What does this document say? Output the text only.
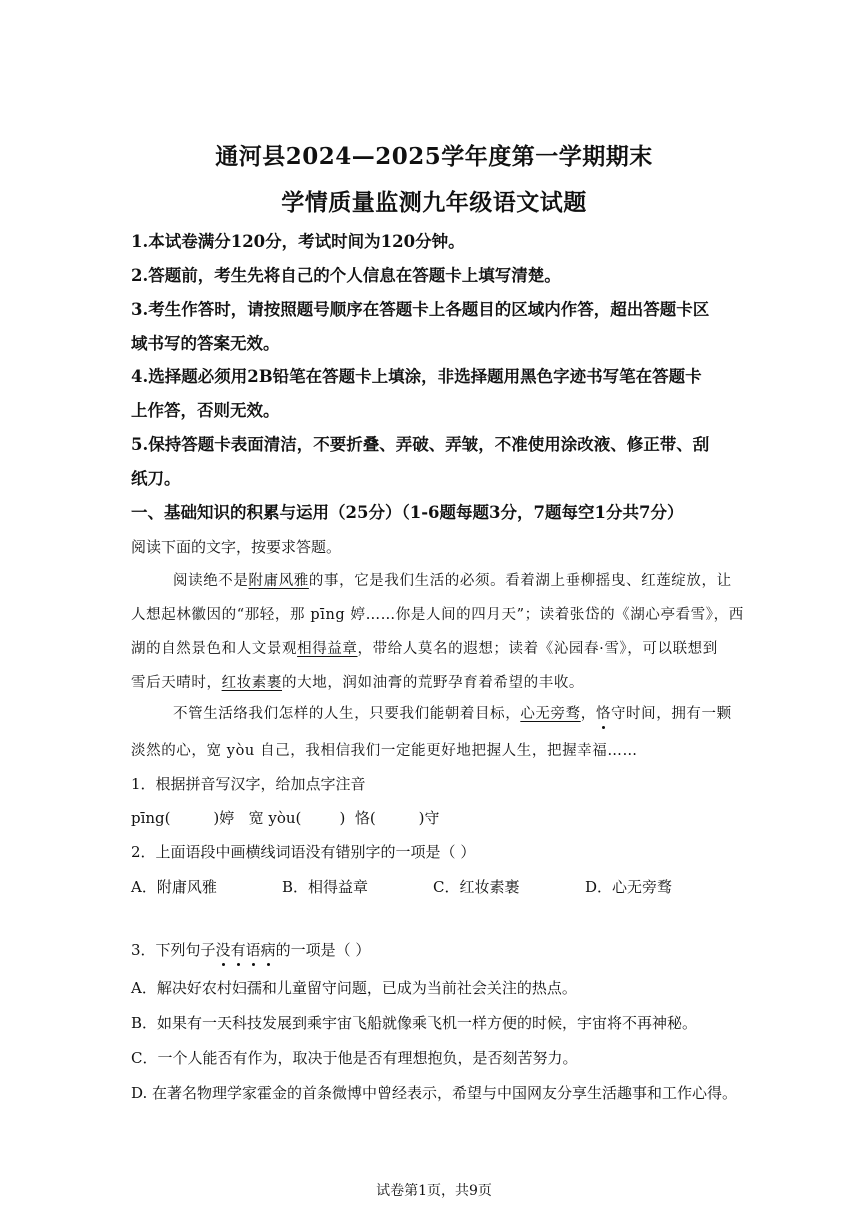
通河县2024—2025学年度第一学期期末
学情质量监测九年级语文试题
1.本试卷满分120分，考试时间为120分钟。
2.答题前，考生先将自己的个人信息在答题卡上填写清楚。
3.考生作答时，请按照题号顺序在答题卡上各题目的区域内作答，超出答题卡区
域书写的答案无效。
4.选择题必须用2B铅笔在答题卡上填涂，非选择题用黑色字迹书写笔在答题卡
上作答，否则无效。
5.保持答题卡表面清洁，不要折叠、弄破、弄皱，不准使用涂改液、修正带、刮
纸刀。
一、基础知识的积累与运用（25分）（1-6题每题3分，7题每空1分共7分）
阅读下面的文字，按要求答题。
阅读绝不是附庸风雅的事，它是我们生活的必须。看着湖上垂柳摇曳、红莲绽放，让
人想起林徽因的“那轻，那 pīng 婷……你是人间的四月天”；读着张岱的《湖心亭看雪》，西
湖的自然景色和人文景观相得益章，带给人莫名的遐想；读着《沁园春·雪》，可以联想到
雪后天晴时，红妆素裹的大地，润如油膏的荒野孕育着希望的丰收。
不管生活络我们怎样的人生，只要我们能朝着目标，心无旁骛，恪守时间，拥有一颗
淡然的心，宽 yòu 自己，我相信我们一定能更好地把握人生，把握幸福……
1．根据拼音写汉字，给加点字注音
pīng(         )婷   宽 yòu(        )  恪(         )守
2．上面语段中画横线词语没有错别字的一项是（ ）
A．附庸风雅	B．相得益章	C．红妆素裹	D．心无旁骛
3．下列句子没有语病的一项是（ ）
A．解决好农村妇孺和儿童留守问题，已成为当前社会关注的热点。
B．如果有一天科技发展到乘宇宙飞船就像乘飞机一样方便的时候，宇宙将不再神秘。
C．一个人能否有作为，取决于他是否有理想抱负，是否刻苦努力。
D. 在著名物理学家霍金的首条微博中曾经表示，希望与中国网友分享生活趣事和工作心得。
试卷第1页，共9页
